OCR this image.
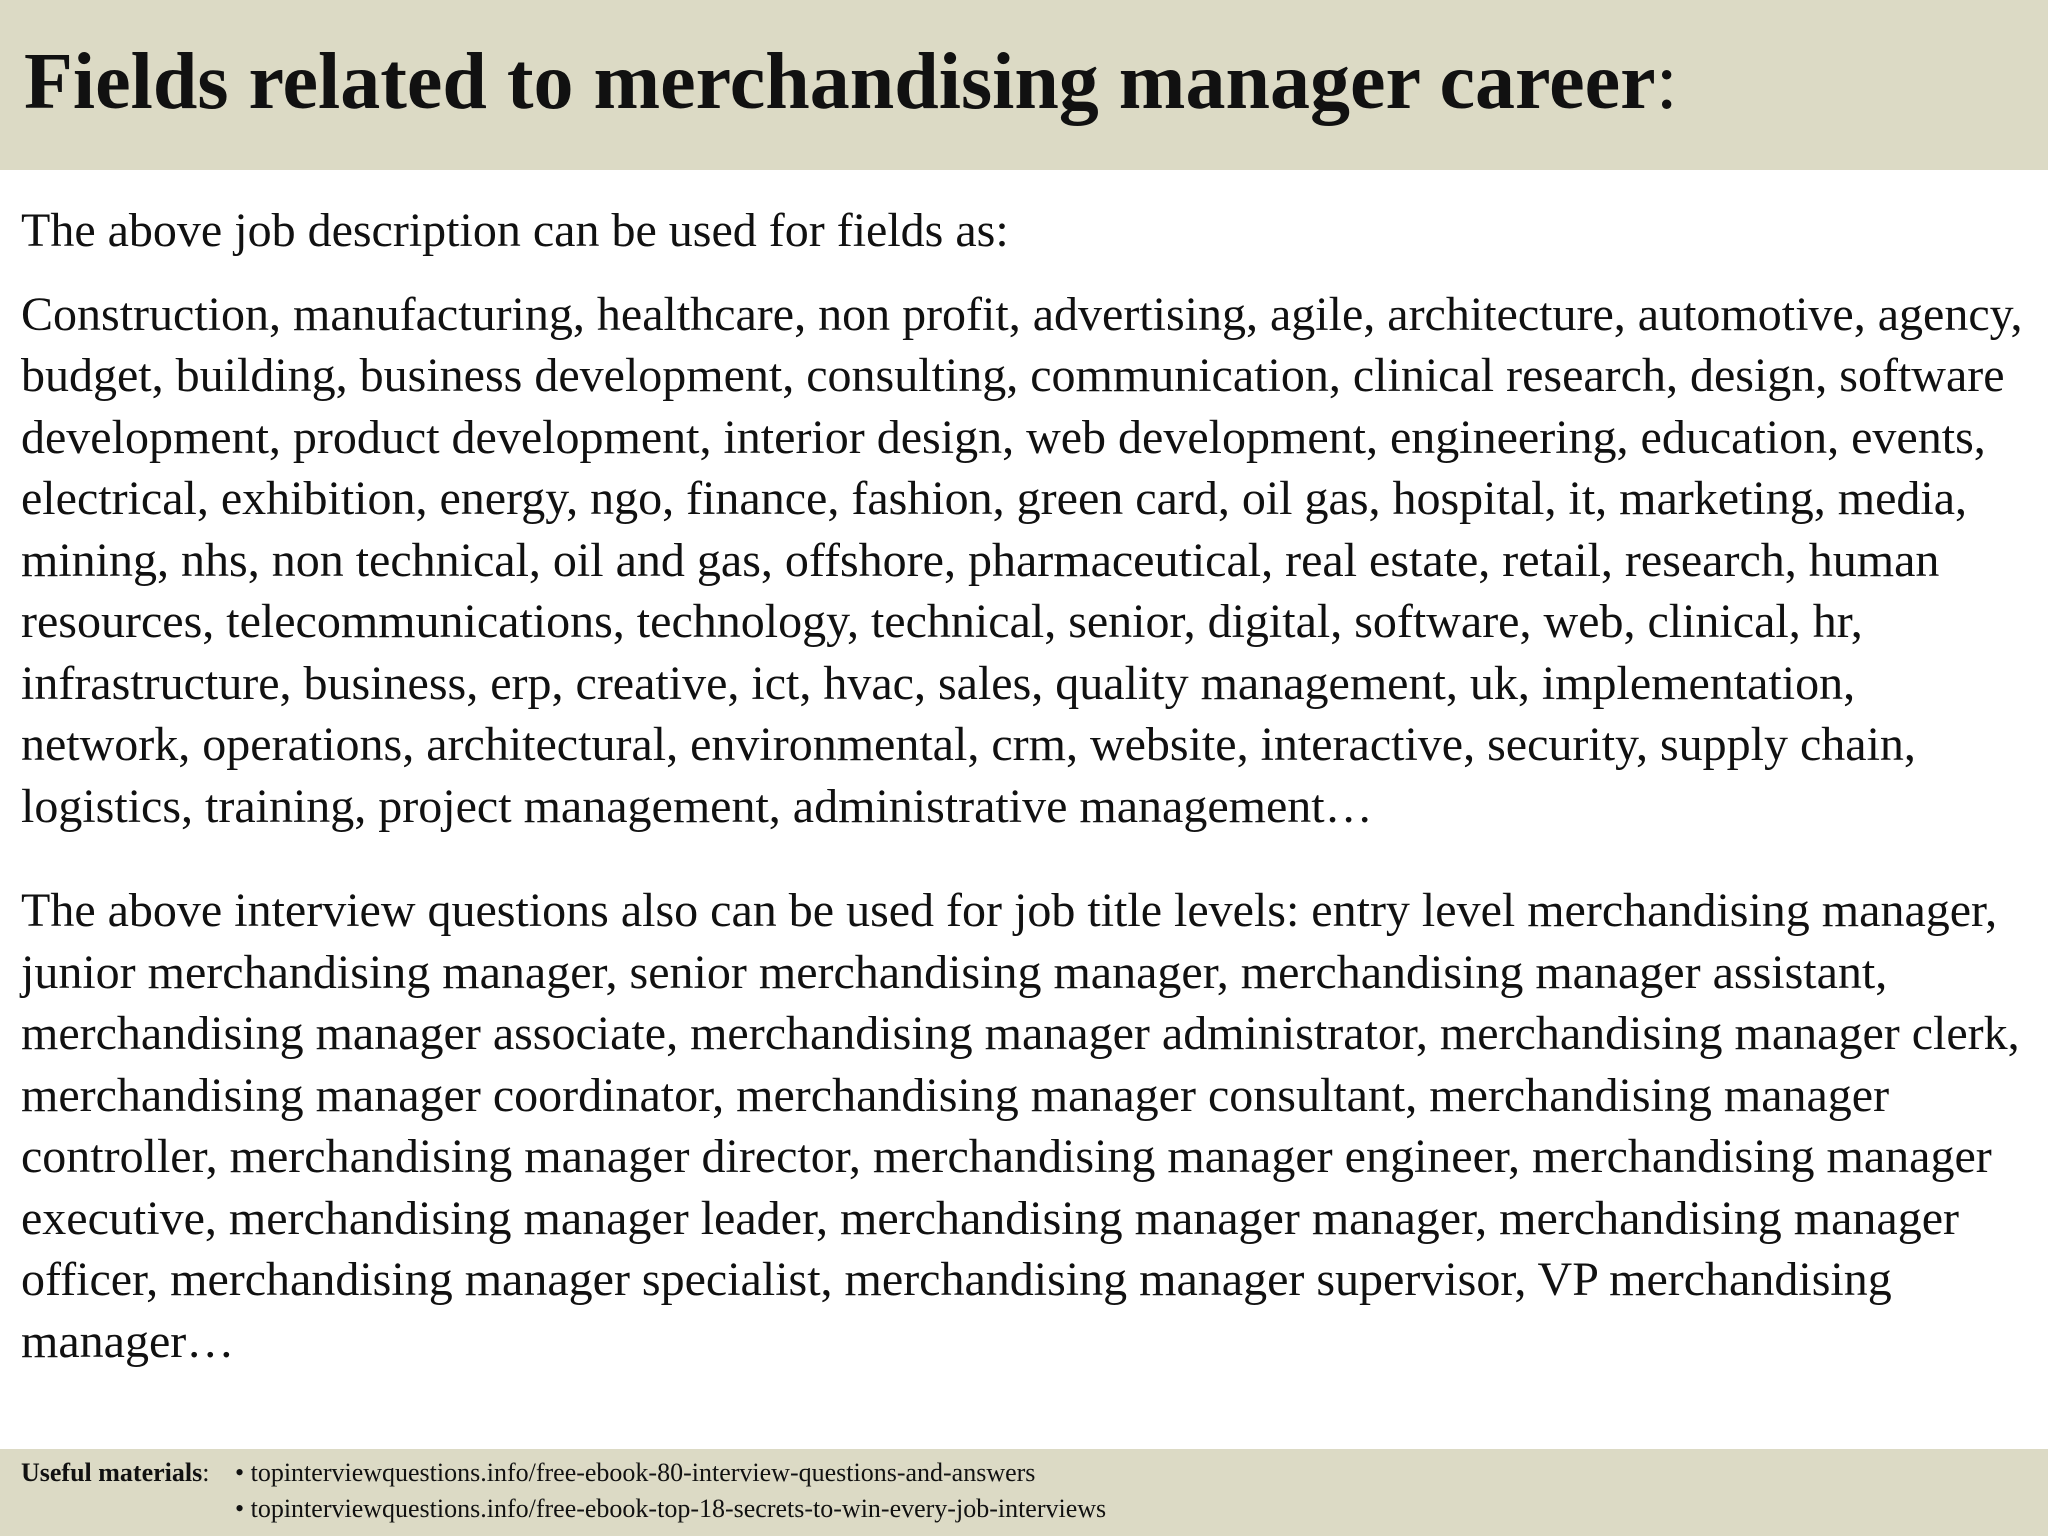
Fields related to merchandising manager career:

The above job description can be used for fields as:

Construction, manufacturing, healthcare, non profit, advertising, agile, architecture, automotive, agency, budget, building, business development, consulting, communication, clinical research, design, software development, product development, interior design, web development, engineering, education, events, electrical, exhibition, energy, ngo, finance, fashion, green card, oil gas, hospital, it, marketing, media, mining, nhs, non technical, oil and gas, offshore, pharmaceutical, real estate, retail, research, human resources, telecommunications, technology, technical, senior, digital, software, web, clinical, hr, infrastructure, business, erp, creative, ict, hvac, sales, quality management, uk, implementation, network, operations, architectural, environmental, crm, website, interactive, security, supply chain, logistics, training, project management, administrative management…

The above interview questions also can be used for job title levels: entry level merchandising manager, junior merchandising manager, senior merchandising manager, merchandising manager assistant, merchandising manager associate, merchandising manager administrator, merchandising manager clerk, merchandising manager coordinator, merchandising manager consultant, merchandising manager controller, merchandising manager director, merchandising manager engineer, merchandising manager executive, merchandising manager leader, merchandising manager manager, merchandising manager officer, merchandising manager specialist, merchandising manager supervisor, VP merchandising manager…

Useful materials: • topinterviewquestions.info/free-ebook-80-interview-questions-and-answers
• topinterviewquestions.info/free-ebook-top-18-secrets-to-win-every-job-interviews
